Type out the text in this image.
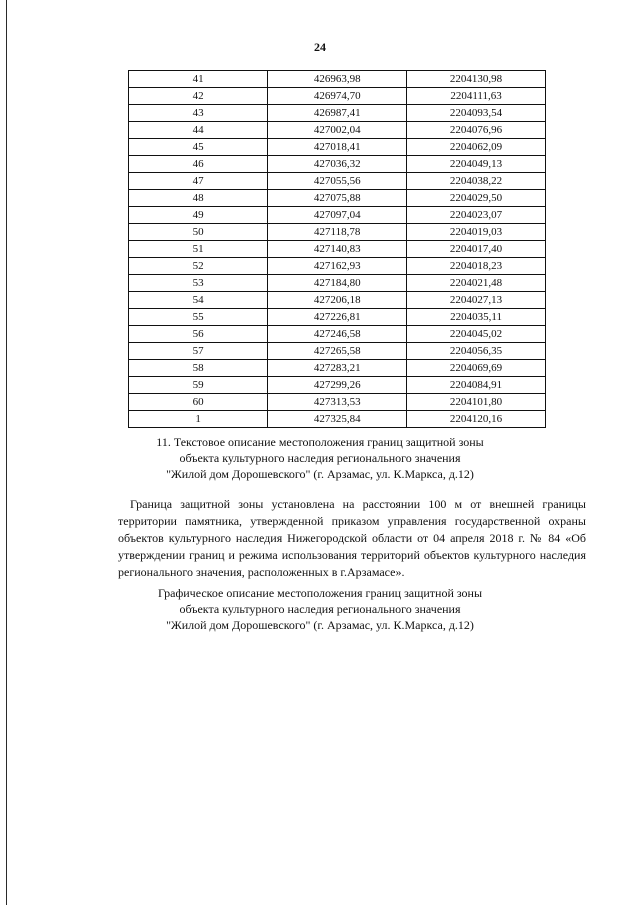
24
41	426963,98	2204130,98
42	426974,70	2204111,63
43	426987,41	2204093,54
44	427002,04	2204076,96
45	427018,41	2204062,09
46	427036,32	2204049,13
47	427055,56	2204038,22
48	427075,88	2204029,50
49	427097,04	2204023,07
50	427118,78	2204019,03
51	427140,83	2204017,40
52	427162,93	2204018,23
53	427184,80	2204021,48
54	427206,18	2204027,13
55	427226,81	2204035,11
56	427246,58	2204045,02
57	427265,58	2204056,35
58	427283,21	2204069,69
59	427299,26	2204084,91
60	427313,53	2204101,80
1	427325,84	2204120,16
11. Текстовое описание местоположения границ защитной зоны
объекта культурного наследия регионального значения
"Жилой дом Дорошевского" (г. Арзамас, ул. К.Маркса, д.12)
Граница защитной зоны установлена на расстоянии 100 м от внешней границы территории памятника, утвержденной приказом управления государственной охраны объектов культурного наследия Нижегородской области от 04 апреля 2018 г. № 84 «Об утверждении границ и режима использования территорий объектов культурного наследия регионального значения, расположенных в г.Арзамасе».
Графическое описание местоположения границ защитной зоны
объекта культурного наследия регионального значения
"Жилой дом Дорошевского" (г. Арзамас, ул. К.Маркса, д.12)
